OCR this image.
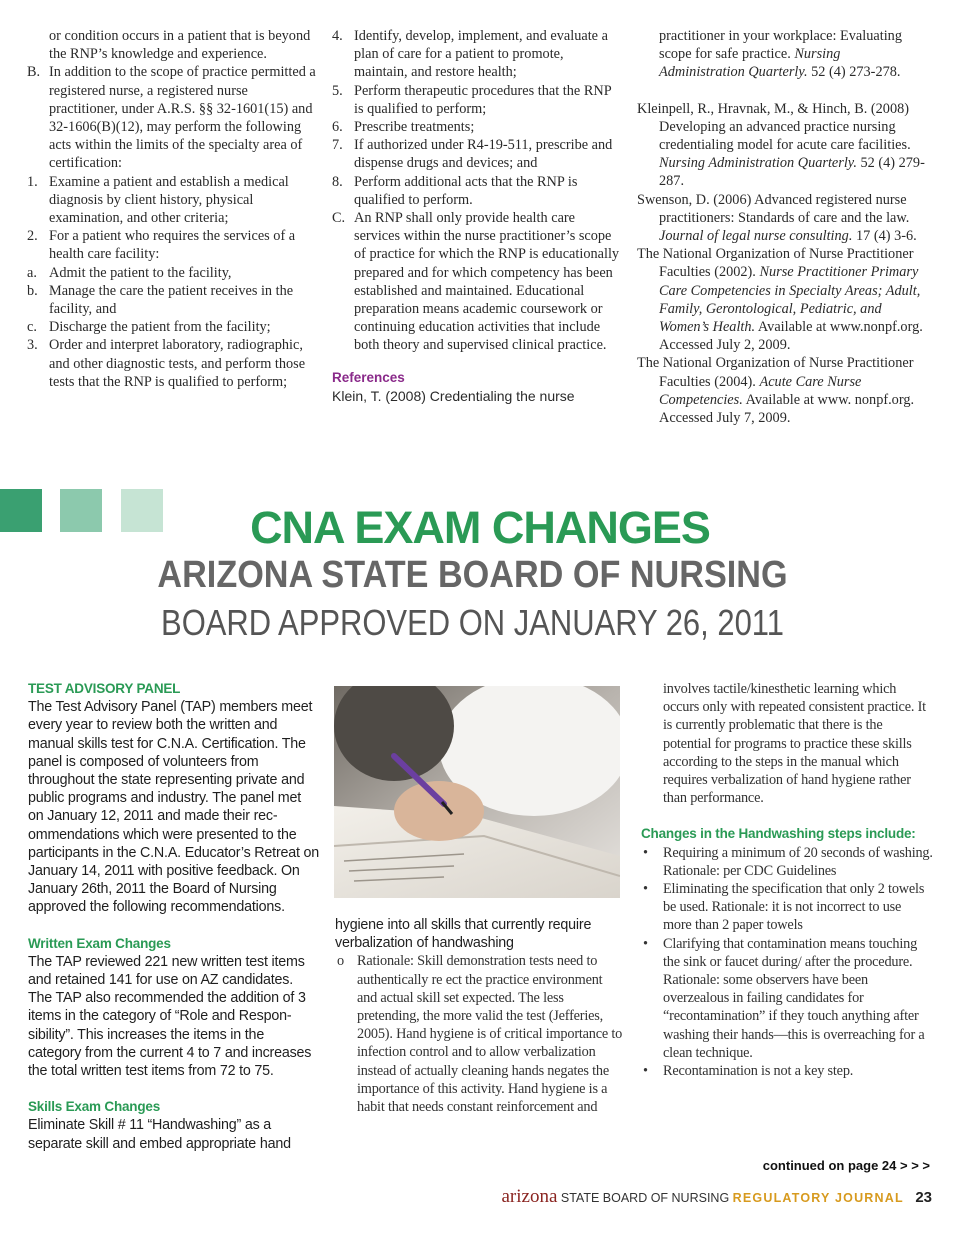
or condition occurs in a patient that is beyond the RNP’s knowledge and experience.
B. In addition to the scope of practice permitted a registered nurse, a registered nurse practitioner, under A.R.S. §§ 32-1601(15) and 32-1606(B)(12), may perform the following acts within the limits of the specialty area of certification:
1. Examine a patient and establish a medical diagnosis by client history, physical examination, and other criteria;
2. For a patient who requires the services of a health care facility:
a. Admit the patient to the facility,
b. Manage the care the patient receives in the facility, and
c. Discharge the patient from the facility;
3. Order and interpret laboratory, radiographic, and other diagnostic tests, and perform those tests that the RNP is qualified to perform;
4. Identify, develop, implement, and evaluate a plan of care for a patient to promote, maintain, and restore health;
5. Perform therapeutic procedures that the RNP is qualified to perform;
6. Prescribe treatments;
7. If authorized under R4-19-511, prescribe and dispense drugs and devices; and
8. Perform additional acts that the RNP is qualified to perform.
C. An RNP shall only provide health care services within the nurse practitioner’s scope of practice for which the RNP is educationally prepared and for which competency has been established and maintained. Educational preparation means academic coursework or continuing education activities that include both theory and supervised clinical practice.

References

Klein, T. (2008) Credentialing the nurse

practitioner in your workplace: Evaluating scope for safe practice. Nursing Administration Quarterly. 52 (4) 273-278.

Kleinpell, R., Hravnak, M., & Hinch, B. (2008) Developing an advanced practice nursing credentialing model for acute care facilities. Nursing Administration Quarterly. 52 (4) 279-287.

Swenson, D. (2006) Advanced registered nurse practitioners: Standards of care and the law. Journal of legal nurse consulting. 17 (4) 3-6.

The National Organization of Nurse Practitioner Faculties (2002). Nurse Practitioner Primary Care Competencies in Specialty Areas; Adult, Family, Gerontological, Pediatric, and Women’s Health. Available at www.nonpf.org. Accessed July 2, 2009.

The National Organization of Nurse Practitioner Faculties (2004). Acute Care Nurse Competencies. Available at www. nonpf.org. Accessed July 7, 2009.

CNA EXAM CHANGES
ARIZONA STATE BOARD OF NURSING
BOARD APPROVED ON JANUARY 26, 2011

TEST ADVISORY PANEL

The Test Advisory Panel (TAP) members meet every year to review both the written and manual skills test for C.N.A. Certification. The panel is composed of volunteers from throughout the state representing private and public programs and industry. The panel met on January 12, 2011 and made their rec-ommendations which were presented to the participants in the C.N.A. Educator’s Retreat on January 14, 2011 with positive feedback. On January 26th, 2011 the Board of Nursing approved the following recommendations.

Written Exam Changes

The TAP reviewed 221 new written test items and retained 141 for use on AZ candidates. The TAP also recommended the addition of 3 items in the category of “Role and Respon-sibility”. This increases the items in the category from the current 4 to 7 and increases the total written test items from 72 to 75.

Skills Exam Changes

Eliminate Skill # 11 “Handwashing” as a separate skill and embed appropriate hand

hygiene into all skills that currently require verbalization of handwashing

o Rationale: Skill demonstration tests need to authentically re ect the practice environment and actual skill set expected. The less pretending, the more valid the test (Jefferies, 2005). Hand hygiene is of critical importance to infection control and to allow verbalization instead of actually cleaning hands negates the importance of this activity. Hand hygiene is a habit that needs constant reinforcement and

involves tactile/kinesthetic learning which occurs only with repeated consistent practice. It is currently problematic that there is the potential for programs to practice these skills according to the steps in the manual which requires verbalization of hand hygiene rather than performance.

Changes in the Handwashing steps include:

• Requiring a minimum of 20 seconds of washing. Rationale: per CDC Guidelines
• Eliminating the specification that only 2 towels be used. Rationale: it is not incorrect to use more than 2 paper towels
• Clarifying that contamination means touching the sink or faucet during/ after the procedure. Rationale: some observers have been overzealous in failing candidates for “recontamination” if they touch anything after washing their hands—this is overreaching for a clean technique.
• Recontamination is not a key step.
continued on page 24 > > >
arizona STATE BOARD OF NURSING REGULATORY JOURNAL 23
